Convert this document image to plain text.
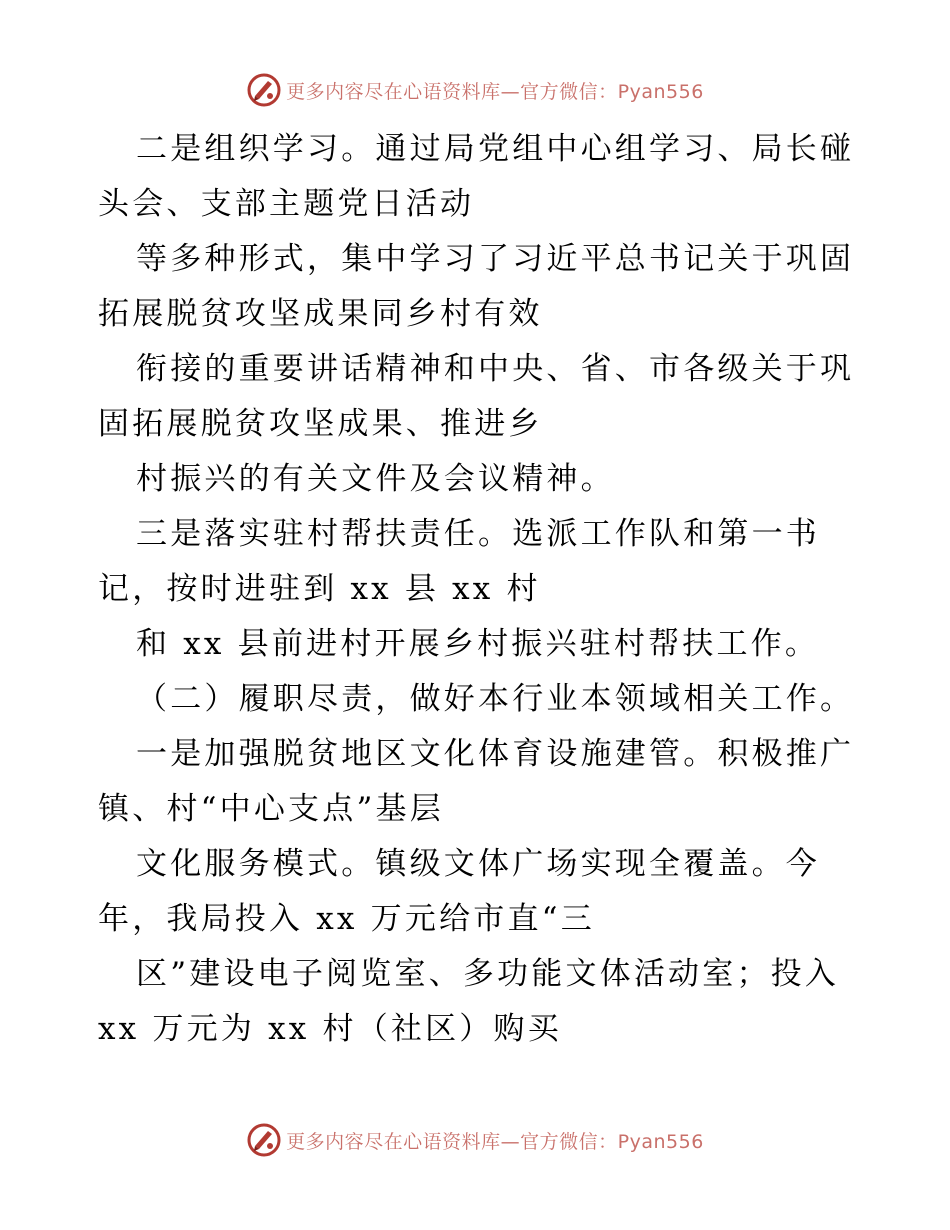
更多内容尽在心语资料库—官方微信：Pyan556
二是组织学习。通过局党组中心组学习、局长碰
头会、支部主题党日活动
等多种形式，集中学习了习近平总书记关于巩固
拓展脱贫攻坚成果同乡村有效
衔接的重要讲话精神和中央、省、市各级关于巩
固拓展脱贫攻坚成果、推进乡
村振兴的有关文件及会议精神。
三是落实驻村帮扶责任。选派工作队和第一书
记，按时进驻到 xx 县 xx 村
和 xx 县前进村开展乡村振兴驻村帮扶工作。
（二）履职尽责，做好本行业本领域相关工作。
一是加强脱贫地区文化体育设施建管。积极推广
镇、村“中心支点”基层
文化服务模式。镇级文体广场实现全覆盖。今
年，我局投入 xx 万元给市直“三
区”建设电子阅览室、多功能文体活动室；投入
xx 万元为 xx 村（社区）购买
更多内容尽在心语资料库—官方微信：Pyan556
